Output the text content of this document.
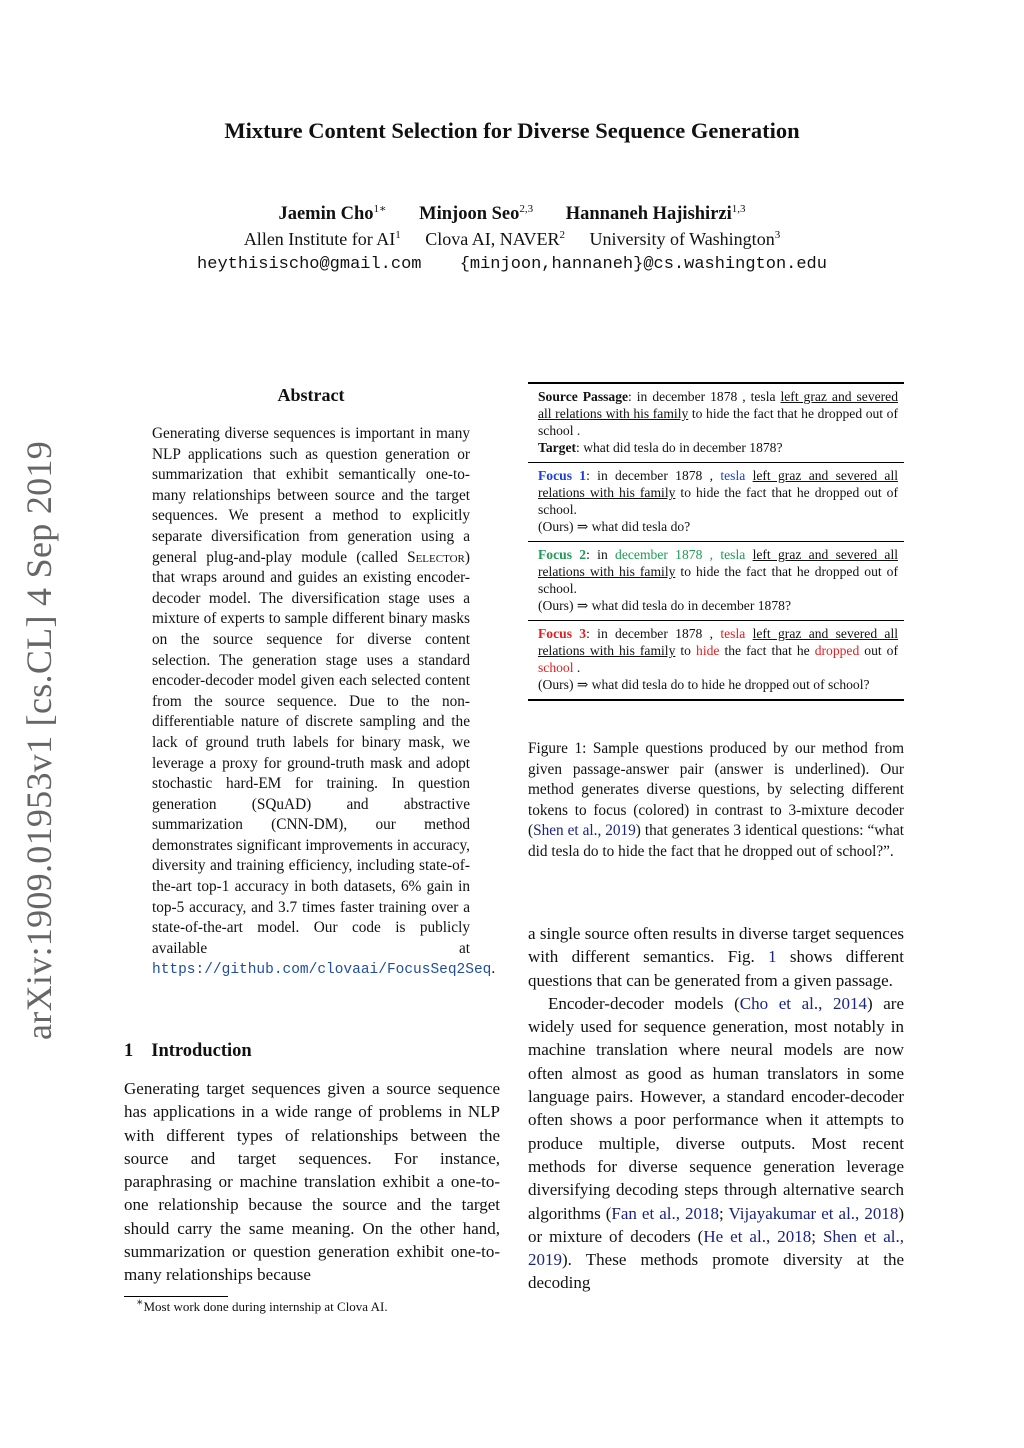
Mixture Content Selection for Diverse Sequence Generation
Jaemin Cho$^{1∗}$ Minjoon Seo$^{2,3}$ Hannaneh Hajishirzi$^{1,3}$
Allen Institute for $AI^1$ Clova AI, NAVER$^2$ University of Washington$^3$
heythisischo@gmail.com {minjoon,hannaneh}@cs.washington.edu
arXiv:1909.01953v1 [cs.CL] 4 Sep 2019
Abstract
Generating diverse sequences is important in many NLP applications such as question generation or summarization that exhibit semantically one-to-many relationships between source and the target sequences. We present a method to explicitly separate diversification from generation using a general plug-and-play module (called Selector) that wraps around and guides an existing encoder-decoder model. The diversification stage uses a mixture of experts to sample different binary masks on the source sequence for diverse content selection. The generation stage uses a standard encoder-decoder model given each selected content from the source sequence. Due to the non-differentiable nature of discrete sampling and the lack of ground truth labels for binary mask, we leverage a proxy for ground-truth mask and adopt stochastic hard-EM for training. In question generation (SQuAD) and abstractive summarization (CNN-DM), our method demonstrates significant improvements in accuracy, diversity and training efficiency, including state-of-the-art top-1 accuracy in both datasets, 6% gain in top-5 accuracy, and 3.7 times faster training over a state-of-the-art model. Our code is publicly available at https://github.com/clovaai/FocusSeq2Seq.
1 Introduction
Generating target sequences given a source sequence has applications in a wide range of problems in NLP with different types of relationships between the source and target sequences. For instance, paraphrasing or machine translation exhibit a one-to-one relationship because the source and the target should carry the same meaning. On the other hand, summarization or question generation exhibit one-to-many relationships because
∗Most work done during internship at Clova AI.
Source Passage: in december 1878 , tesla left graz and severed all relations with his family to hide the fact that he dropped out of school .
Target: what did tesla do in december 1878?
Focus 1: in december 1878 , tesla left graz and severed all relations with his family to hide the fact that he dropped out of school.
(Ours) ⇒ what did tesla do?
Focus 2: in december 1878 , tesla left graz and severed all relations with his family to hide the fact that he dropped out of school.
(Ours) ⇒ what did tesla do in december 1878?
Focus 3: in december 1878 , tesla left graz and severed all relations with his family to hide the fact that he dropped out of school .
(Ours) ⇒ what did tesla do to hide he dropped out of school?
Figure 1: Sample questions produced by our method from given passage-answer pair (answer is underlined). Our method generates diverse questions, by selecting different tokens to focus (colored) in contrast to 3-mixture decoder (Shen et al., 2019) that generates 3 identical questions: “what did tesla do to hide the fact that he dropped out of school?”.

a single source often results in diverse target sequences with different semantics. Fig. 1 shows different questions that can be generated from a given passage.

Encoder-decoder models (Cho et al., 2014) are widely used for sequence generation, most notably in machine translation where neural models are now often almost as good as human translators in some language pairs. However, a standard encoder-decoder often shows a poor performance when it attempts to produce multiple, diverse outputs. Most recent methods for diverse sequence generation leverage diversifying decoding steps through alternative search algorithms (Fan et al., 2018; Vijayakumar et al., 2018) or mixture of decoders (He et al., 2018; Shen et al., 2019). These methods promote diversity at the decoding
